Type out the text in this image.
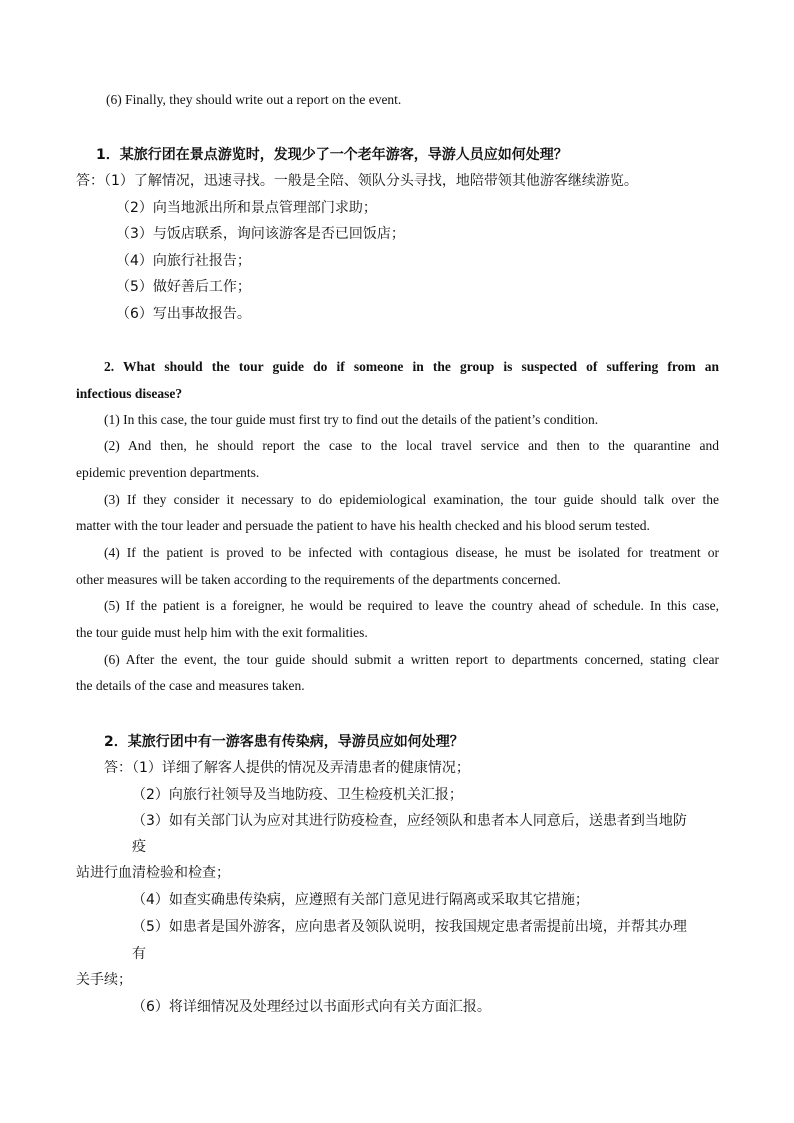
(6) Finally, they should write out a report on the event.
1．某旅行团在景点游览时，发现少了一个老年游客，导游人员应如何处理？
答：（1）了解情况，迅速寻找。一般是全陪、领队分头寻找，地陪带领其他游客继续游览。
（2）向当地派出所和景点管理部门求助；
（3）与饭店联系，询问该游客是否已回饭店；
（4）向旅行社报告；
（5）做好善后工作；
（6）写出事故报告。
2. What should the tour guide do if someone in the group is suspected of suffering from an
infectious disease?
(1) In this case, the tour guide must first try to find out the details of the patient’s condition.
(2) And then, he should report the case to the local travel service and then to the quarantine and
epidemic prevention departments.
(3) If they consider it necessary to do epidemiological examination, the tour guide should talk over the
matter with the tour leader and persuade the patient to have his health checked and his blood serum tested.
(4) If the patient is proved to be infected with contagious disease, he must be isolated for treatment or
other measures will be taken according to the requirements of the departments concerned.
(5) If the patient is a foreigner, he would be required to leave the country ahead of schedule. In this case,
the tour guide must help him with the exit formalities.
(6) After the event, the tour guide should submit a written report to departments concerned, stating clear
the details of the case and measures taken.
2．某旅行团中有一游客患有传染病，导游员应如何处理？
答：（1）详细了解客人提供的情况及弄清患者的健康情况；
（2）向旅行社领导及当地防疫、卫生检疫机关汇报；
（3）如有关部门认为应对其进行防疫检查，应经领队和患者本人同意后，送患者到当地防
疫
站进行血清检验和检查；
（4）如查实确患传染病，应遵照有关部门意见进行隔离或采取其它措施；
（5）如患者是国外游客，应向患者及领队说明，按我国规定患者需提前出境，并帮其办理
有
关手续；
（6）将详细情况及处理经过以书面形式向有关方面汇报。
